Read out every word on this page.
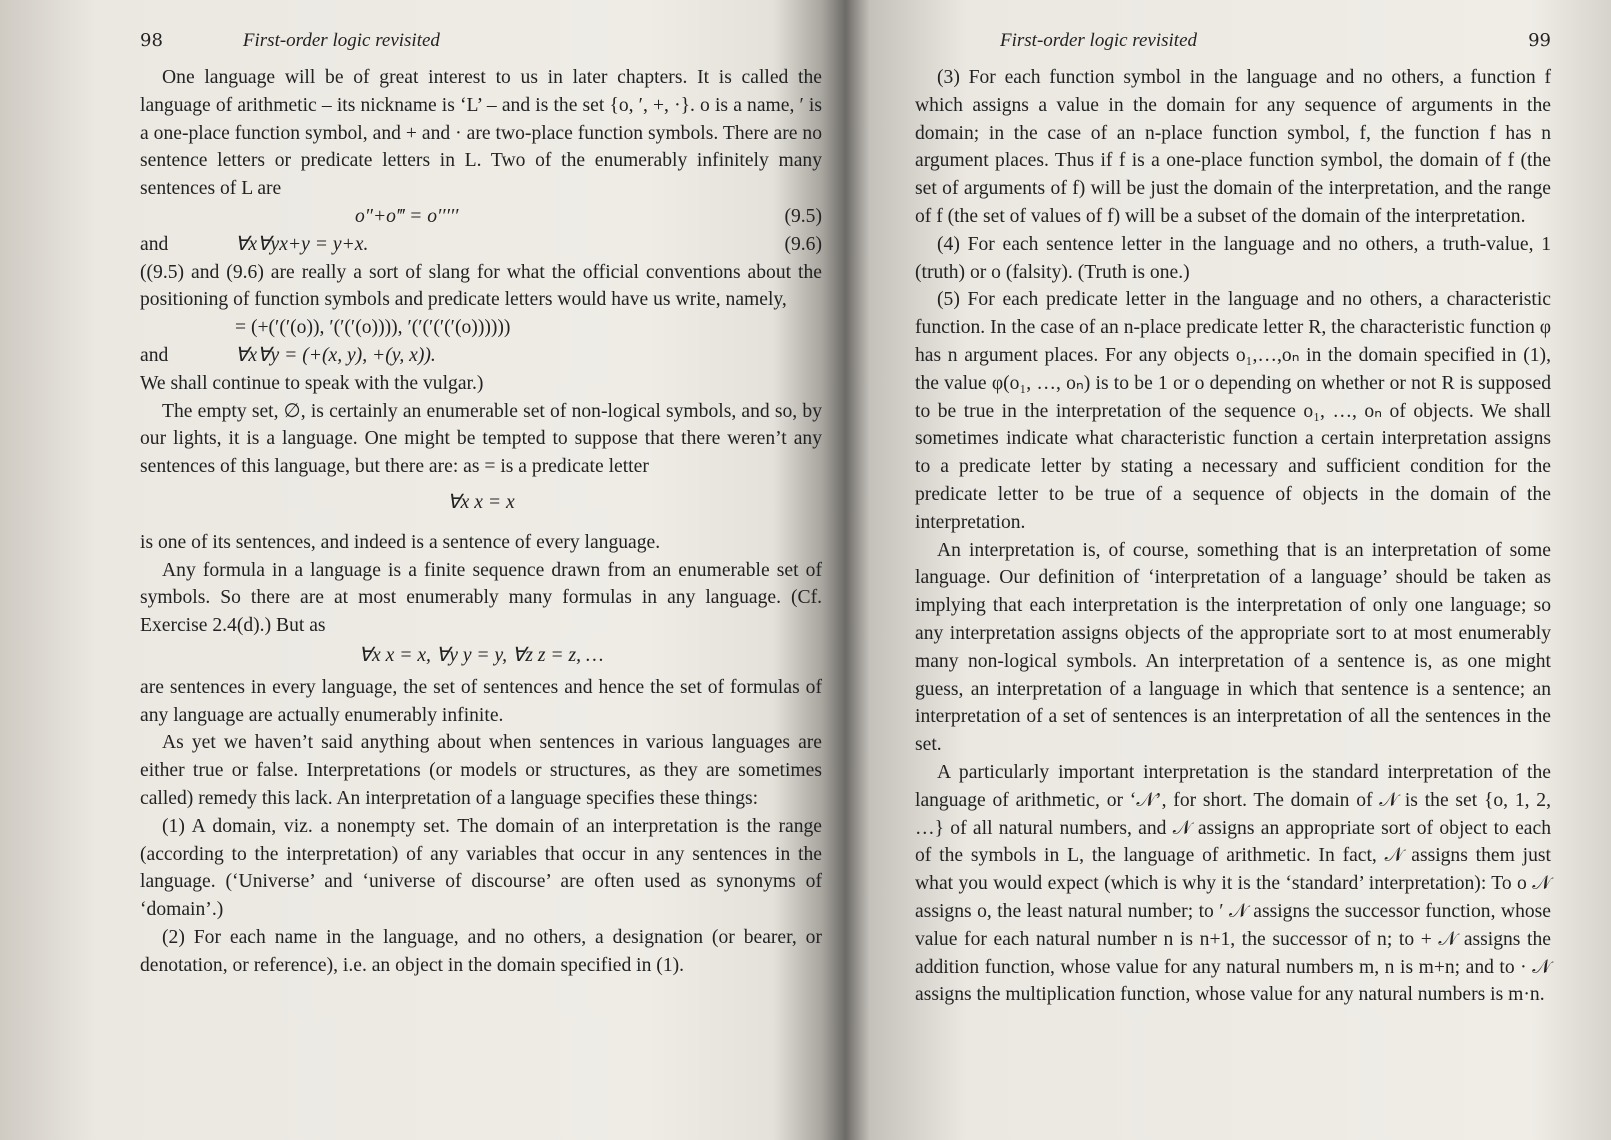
98	First-order logic revisited

One language will be of great interest to us in later chapters. It is called the language of arithmetic – its nickname is ‘L’ – and is the set {o, ′, +, ·}. o is a name, ′ is a one-place function symbol, and + and · are two-place function symbols. There are no sentence letters or predicate letters in L. Two of the enumerably infinitely many sentences of L are

o″+o‴ = o′′′′′	(9.5)
and	∀x∀yx+y = y+x.	(9.6)

((9.5) and (9.6) are really a sort of slang for what the official conventions about the positioning of function symbols and predicate letters would have us write, namely,

= (+(′(′(o)), ′(′(′(o)))), ′(′(′(′(′(o))))))
and	∀x∀y = (+(x, y), +(y, x)).

We shall continue to speak with the vulgar.)

The empty set, ∅, is certainly an enumerable set of non-logical symbols, and so, by our lights, it is a language. One might be tempted to suppose that there weren’t any sentences of this language, but there are: as = is a predicate letter

∀x x = x

is one of its sentences, and indeed is a sentence of every language.

Any formula in a language is a finite sequence drawn from an enumerable set of symbols. So there are at most enumerably many formulas in any language. (Cf. Exercise 2.4(d).) But as

∀x x = x, ∀y y = y, ∀z z = z, …

are sentences in every language, the set of sentences and hence the set of formulas of any language are actually enumerably infinite.

As yet we haven’t said anything about when sentences in various languages are either true or false. Interpretations (or models or structures, as they are sometimes called) remedy this lack. An interpretation of a language specifies these things:

(1) A domain, viz. a nonempty set. The domain of an interpretation is the range (according to the interpretation) of any variables that occur in any sentences in the language. (‘Universe’ and ‘universe of discourse’ are often used as synonyms of ‘domain’.)

(2) For each name in the language, and no others, a designation (or bearer, or denotation, or reference), i.e. an object in the domain specified in (1).

First-order logic revisited	99

(3) For each function symbol in the language and no others, a function f which assigns a value in the domain for any sequence of arguments in the domain; in the case of an n-place function symbol, f, the function f has n argument places. Thus if f is a one-place function symbol, the domain of f (the set of arguments of f) will be just the domain of the interpretation, and the range of f (the set of values of f) will be a subset of the domain of the interpretation.

(4) For each sentence letter in the language and no others, a truth-value, 1 (truth) or o (falsity). (Truth is one.)

(5) For each predicate letter in the language and no others, a characteristic function. In the case of an n-place predicate letter R, the characteristic function φ has n argument places. For any objects o₁,…,oₙ in the domain specified in (1), the value φ(o₁, …, oₙ) is to be 1 or o depending on whether or not R is supposed to be true in the interpretation of the sequence o₁, …, oₙ of objects. We shall sometimes indicate what characteristic function a certain interpretation assigns to a predicate letter by stating a necessary and sufficient condition for the predicate letter to be true of a sequence of objects in the domain of the interpretation.

An interpretation is, of course, something that is an interpretation of some language. Our definition of ‘interpretation of a language’ should be taken as implying that each interpretation is the interpretation of only one language; so any interpretation assigns objects of the appropriate sort to at most enumerably many non-logical symbols. An interpretation of a sentence is, as one might guess, an interpretation of a language in which that sentence is a sentence; an interpretation of a set of sentences is an interpretation of all the sentences in the set.

A particularly important interpretation is the standard interpretation of the language of arithmetic, or ‘𝒩’, for short. The domain of 𝒩 is the set {o, 1, 2, …} of all natural numbers, and 𝒩 assigns an appropriate sort of object to each of the symbols in L, the language of arithmetic. In fact, 𝒩 assigns them just what you would expect (which is why it is the ‘standard’ interpretation): To o 𝒩 assigns o, the least natural number; to ′ 𝒩 assigns the successor function, whose value for each natural number n is n+1, the successor of n; to + 𝒩 assigns the addition function, whose value for any natural numbers m, n is m+n; and to · 𝒩 assigns the multiplication function, whose value for any natural numbers is m·n.
